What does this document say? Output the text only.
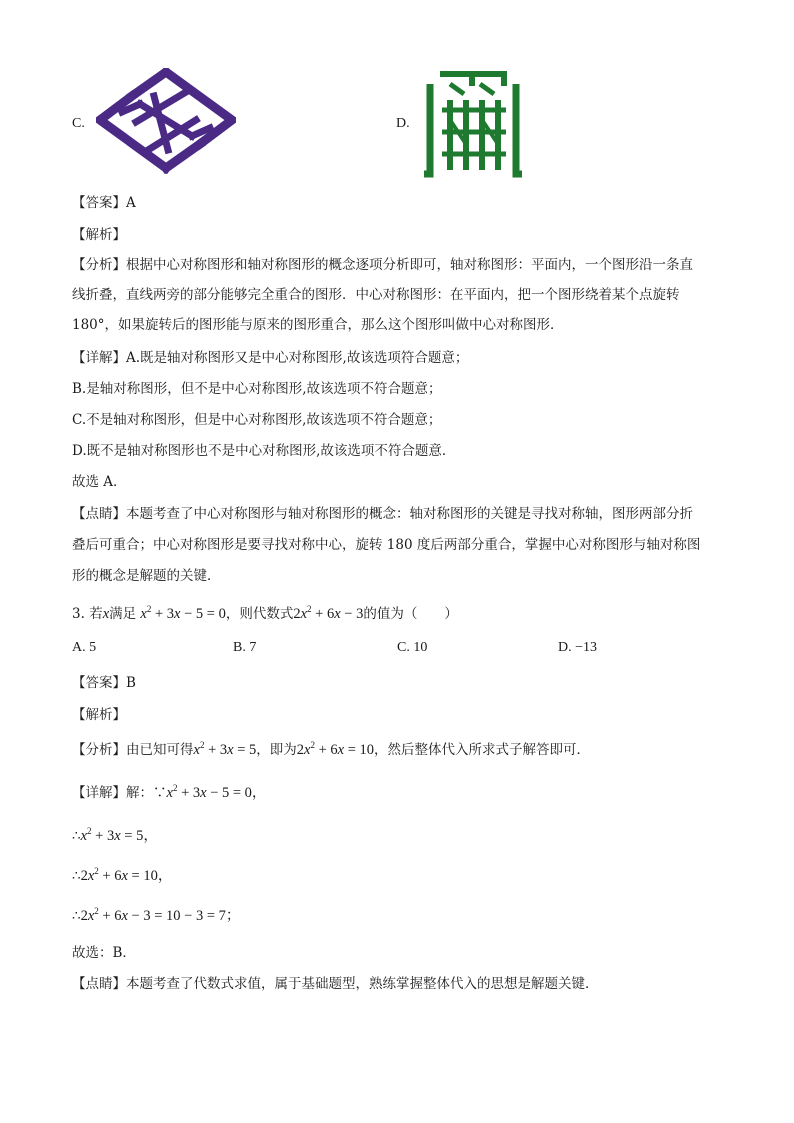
C.	D.
【答案】A
【解析】
【分析】根据中心对称图形和轴对称图形的概念逐项分析即可，轴对称图形：平面内，一个图形沿一条直
线折叠，直线两旁的部分能够完全重合的图形．中心对称图形：在平面内，把一个图形绕着某个点旋转
180°，如果旋转后的图形能与原来的图形重合，那么这个图形叫做中心对称图形．
【详解】A.既是轴对称图形又是中心对称图形,故该选项符合题意；
B.是轴对称图形，但不是中心对称图形,故该选项不符合题意；
C.不是轴对称图形，但是中心对称图形,故该选项不符合题意；
D.既不是轴对称图形也不是中心对称图形,故该选项不符合题意．
故选 A．
【点睛】本题考查了中心对称图形与轴对称图形的概念：轴对称图形的关键是寻找对称轴，图形两部分折
叠后可重合；中心对称图形是要寻找对称中心，旋转 180 度后两部分重合，掌握中心对称图形与轴对称图
形的概念是解题的关键．
3. 若x满足 $x^2 + 3x - 5 = 0$，则代数式$2x^2 + 6x - 3$的值为（　　）
A. 5	B. 7	C. 10	D. −13
【答案】B
【解析】
【分析】由已知可得$x^2 + 3x = 5$，即为$2x^2 + 6x = 10$，然后整体代入所求式子解答即可．
【详解】解：$\because x^2 + 3x - 5 = 0$，
$\therefore x^2 + 3x = 5$，
$\therefore 2x^2 + 6x = 10$，
$\therefore 2x^2 + 6x - 3 = 10 - 3 = 7$；
故选：B．
【点睛】本题考查了代数式求值，属于基础题型，熟练掌握整体代入的思想是解题关键．
